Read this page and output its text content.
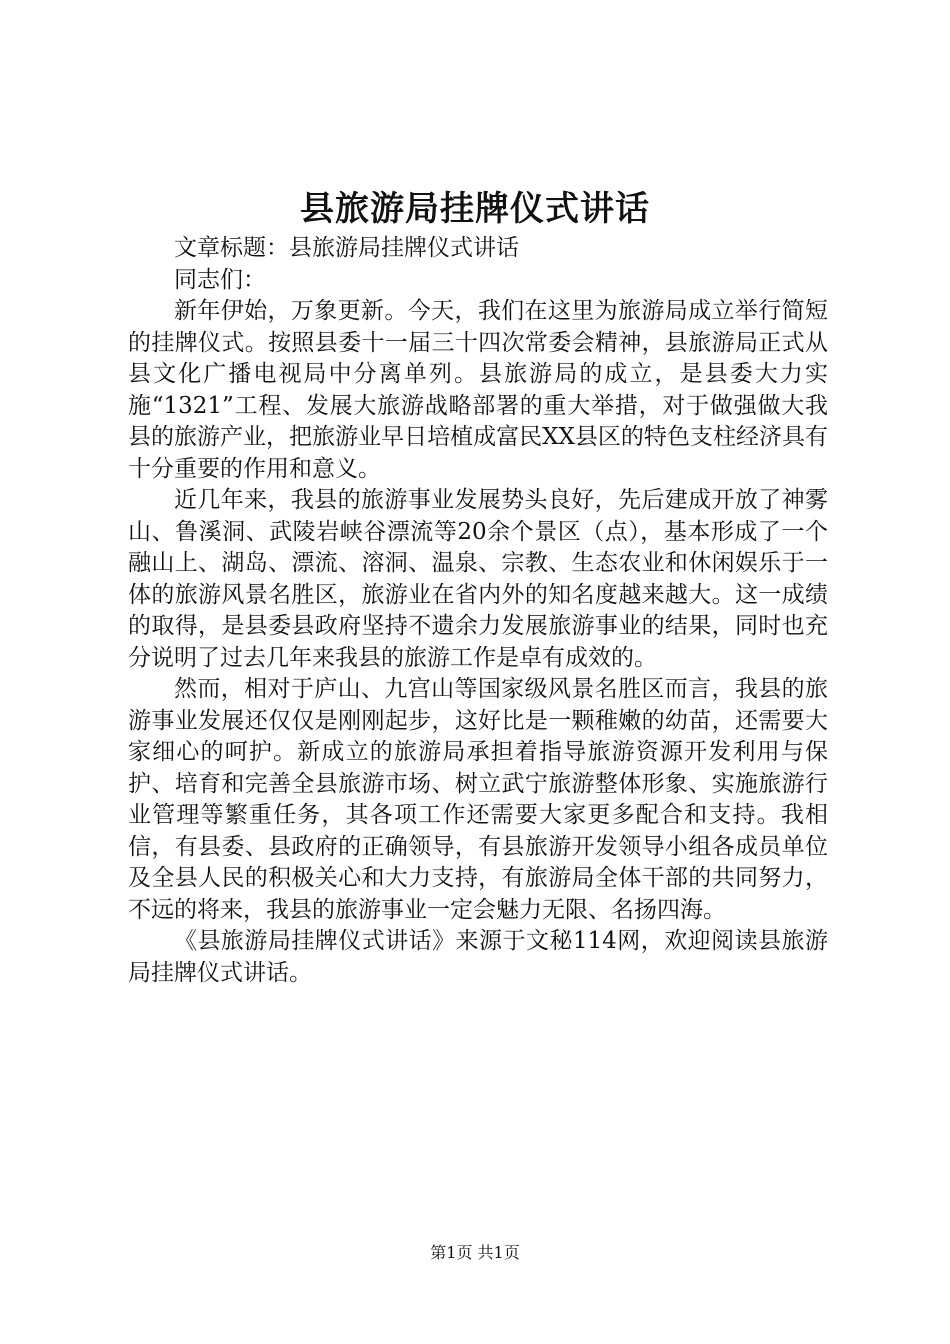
县旅游局挂牌仪式讲话

文章标题：县旅游局挂牌仪式讲话

同志们：

新年伊始，万象更新。今天，我们在这里为旅游局成立举行简短的挂牌仪式。按照县委十一届三十四次常委会精神，县旅游局正式从县文化广播电视局中分离单列。县旅游局的成立，是县委大力实施“1321”工程、发展大旅游战略部署的重大举措，对于做强做大我县的旅游产业，把旅游业早日培植成富民XX县区的特色支柱经济具有十分重要的作用和意义。

近几年来，我县的旅游事业发展势头良好，先后建成开放了神雾山、鲁溪洞、武陵岩峡谷漂流等20余个景区（点），基本形成了一个融山上、湖岛、漂流、溶洞、温泉、宗教、生态农业和休闲娱乐于一体的旅游风景名胜区，旅游业在省内外的知名度越来越大。这一成绩的取得，是县委县政府坚持不遗余力发展旅游事业的结果，同时也充分说明了过去几年来我县的旅游工作是卓有成效的。

然而，相对于庐山、九宫山等国家级风景名胜区而言，我县的旅游事业发展还仅仅是刚刚起步，这好比是一颗稚嫩的幼苗，还需要大家细心的呵护。新成立的旅游局承担着指导旅游资源开发利用与保护、培育和完善全县旅游市场、树立武宁旅游整体形象、实施旅游行业管理等繁重任务，其各项工作还需要大家更多配合和支持。我相信，有县委、县政府的正确领导，有县旅游开发领导小组各成员单位及全县人民的积极关心和大力支持，有旅游局全体干部的共同努力，不远的将来，我县的旅游事业一定会魅力无限、名扬四海。

《县旅游局挂牌仪式讲话》来源于文秘114网，欢迎阅读县旅游局挂牌仪式讲话。

第1页 共1页
